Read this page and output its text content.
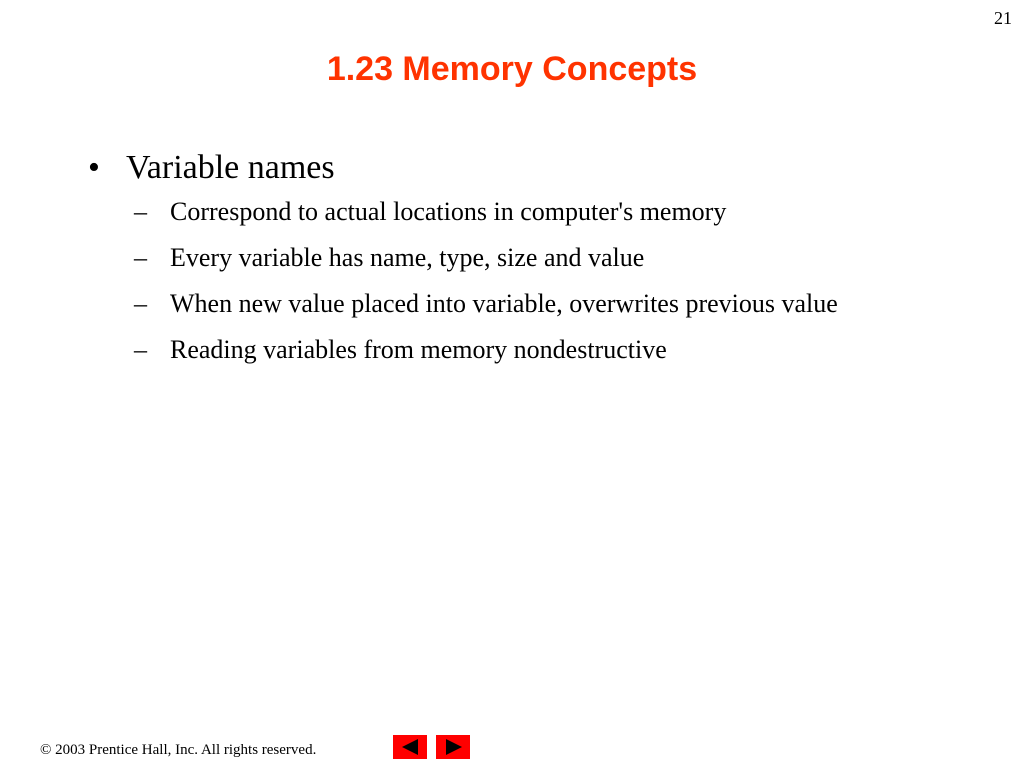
21
1.23 Memory Concepts
• Variable names
– Correspond to actual locations in computer's memory
– Every variable has name, type, size and value
– When new value placed into variable, overwrites previous value
– Reading variables from memory nondestructive
© 2003 Prentice Hall, Inc. All rights reserved.
